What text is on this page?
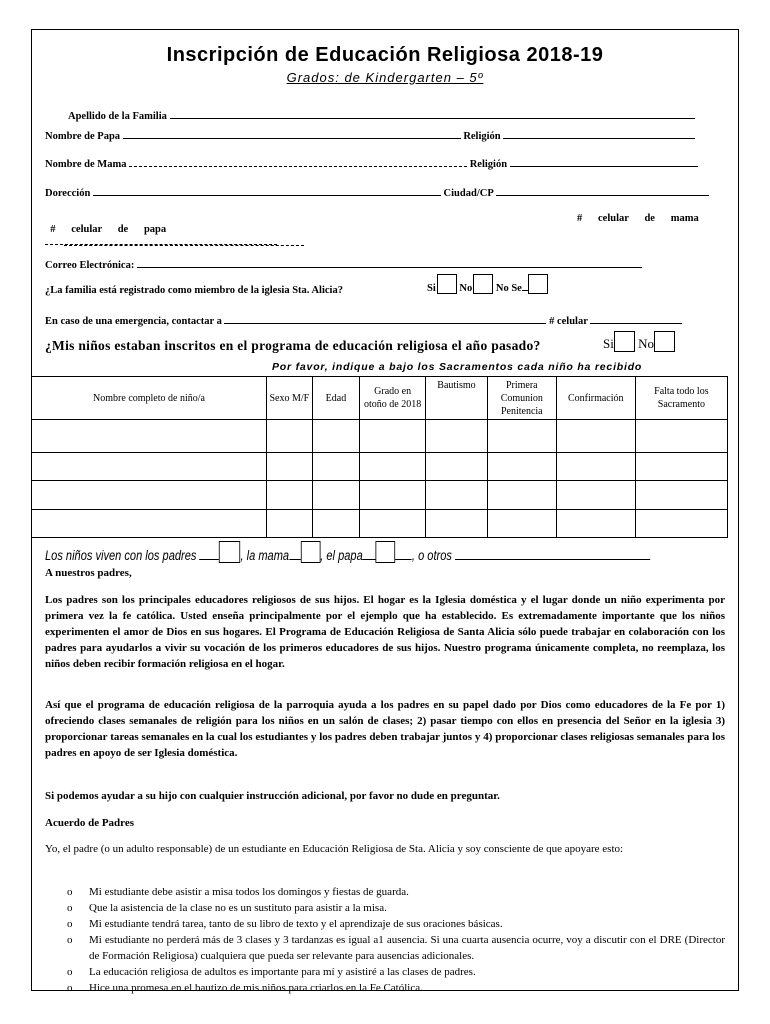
Inscripción de Educación Religiosa 2018-19
Grados: de Kindergarten – 5º
Apellido de la Familia
Nombre de Papa	Religión
Nombre de Mama	Religión
Dorección	Ciudad/CP

#      celular      de      papa

#      celular      de      mama
Correo Electrónica:
¿La familia está registrado como miembro de la iglesia Sta. Alicia?	Si No No Se
En caso de una emergencia, contactar a	# celular
¿Mis niños estaban inscritos en el programa de educación religiosa el año pasado?	Si No
Por favor, indique a bajo los Sacramentos cada niño ha recibido
Nombre completo de niño/a	Sexo M/F	Edad	Grado en otoño de 2018	Bautismo	Primera Comunion Penitencia	Confirmación	Falta todo los Sacramento

Los niños viven con los padres	, la mama , el papa	, o otros
A nuestros padres,
Los padres son los principales educadores religiosos de sus hijos. El hogar es la Iglesia doméstica y el lugar donde un niño experimenta por primera vez la fe católica. Usted enseña principalmente por el ejemplo que ha establecido. Es extremadamente importante que los niños experimenten el amor de Dios en sus hogares. El Programa de Educación Religiosa de Santa Alicia sólo puede trabajar en colaboración con los padres para ayudarlos a vivir su vocación de los primeros educadores de sus hijos. Nuestro programa únicamente completa, no reemplaza, los niños deben recibir formación religiosa en el hogar.
Así que el programa de educación religiosa de la parroquia ayuda a los padres en su papel dado por Dios como educadores de la Fe por 1) ofreciendo clases semanales de religión para los niños en un salón de clases; 2) pasar tiempo con ellos en presencia del Señor en la iglesia 3) proporcionar tareas semanales en la cual los estudiantes y los padres deben trabajar juntos y 4) proporcionar clases religiosas semanales para los padres en apoyo de ser Iglesia doméstica.
Si podemos ayudar a su hijo con cualquier instrucción adicional, por favor no dude en preguntar.
Acuerdo de Padres
Yo, el padre (o un adulto responsable) de un estudiante en Educación Religiosa de Sta. Alicia y soy consciente de que apoyare esto:
o Mi estudiante debe asistir a misa todos los domingos y fiestas de guarda.
o Que la asistencia de la clase no es un sustituto para asistir a la misa.
o Mi estudiante tendrá tarea, tanto de su libro de texto y el aprendizaje de sus oraciones básicas.
o Mi estudiante no perderá más de 3 clases y 3 tardanzas es igual a1 ausencia. Si una cuarta ausencia ocurre, voy a discutir con el DRE (Director de Formación Religiosa) cualquiera que pueda ser relevante para ausencias adicionales.
o La educación religiosa de adultos es importante para mí y asistiré a las clases de padres.
o Hice una promesa en el bautizo de mis niños para criarlos en la Fe Católica.
